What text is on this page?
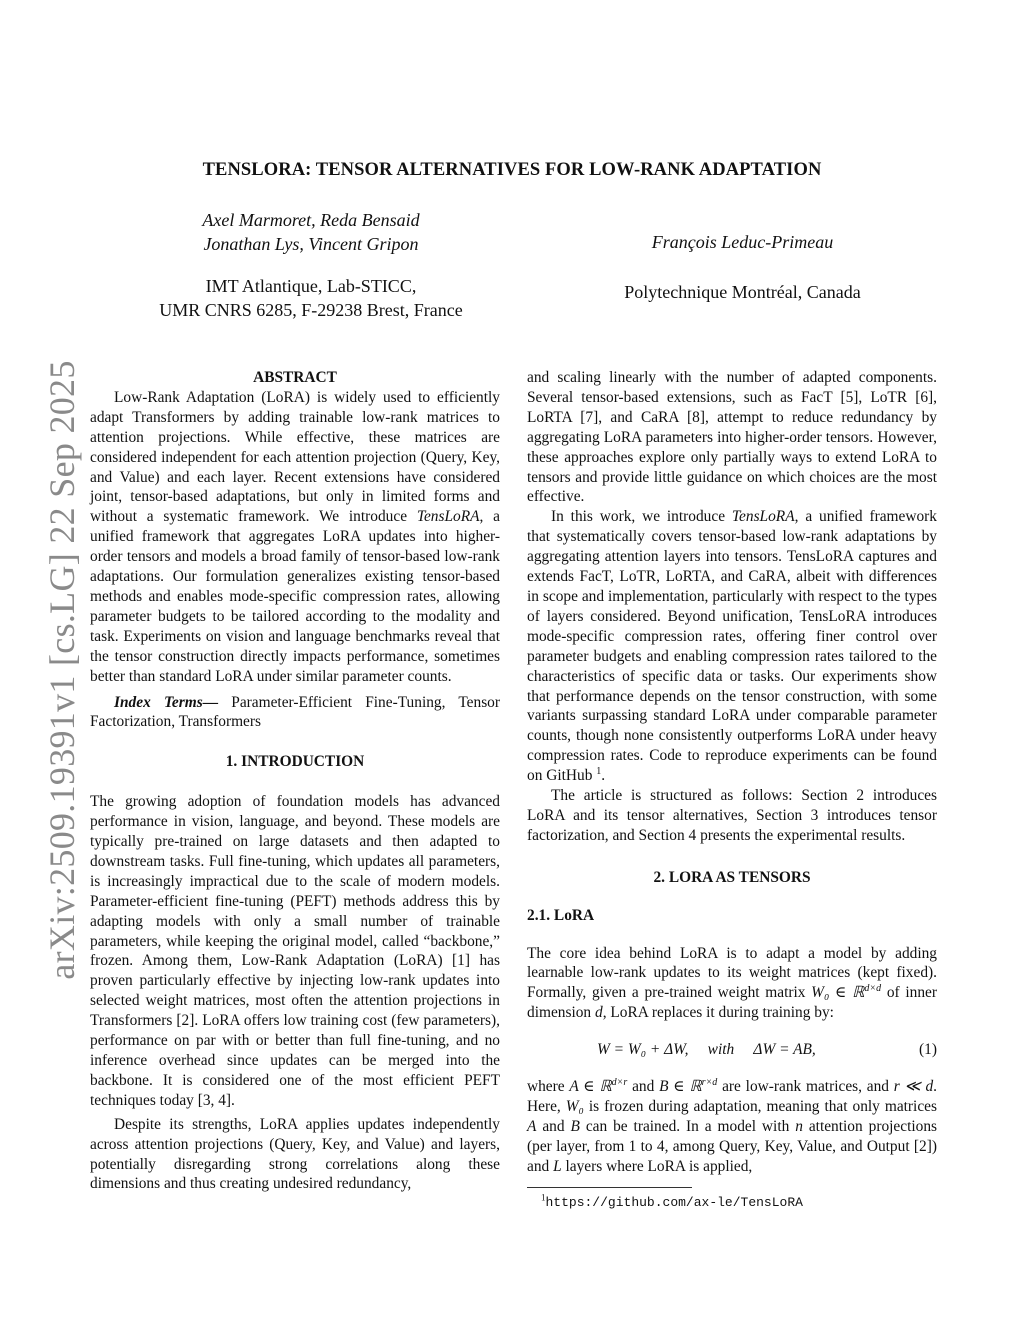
arXiv:2509.19391v1 [cs.LG] 22 Sep 2025
TENSLORA: TENSOR ALTERNATIVES FOR LOW-RANK ADAPTATION
Axel Marmoret, Reda Bensaid
Jonathan Lys, Vincent Gripon
IMT Atlantique, Lab-STICC,
UMR CNRS 6285, F-29238 Brest, France
François Leduc-Primeau
Polytechnique Montréal, Canada
ABSTRACT

Low-Rank Adaptation (LoRA) is widely used to efficiently adapt Transformers by adding trainable low-rank matrices to attention projections. While effective, these matrices are considered independent for each attention projection (Query, Key, and Value) and each layer. Recent extensions have considered joint, tensor-based adaptations, but only in limited forms and without a systematic framework. We introduce TensLoRA, a unified framework that aggregates LoRA updates into higher-order tensors and models a broad family of tensor-based low-rank adaptations. Our formulation generalizes existing tensor-based methods and enables mode-specific compression rates, allowing parameter budgets to be tailored according to the modality and task. Experiments on vision and language benchmarks reveal that the tensor construction directly impacts performance, sometimes better than standard LoRA under similar parameter counts.

Index Terms— Parameter-Efficient Fine-Tuning, Tensor Factorization, Transformers

1. INTRODUCTION

The growing adoption of foundation models has advanced performance in vision, language, and beyond. These models are typically pre-trained on large datasets and then adapted to downstream tasks. Full fine-tuning, which updates all parameters, is increasingly impractical due to the scale of modern models. Parameter-efficient fine-tuning (PEFT) methods address this by adapting models with only a small number of trainable parameters, while keeping the original model, called “backbone,” frozen. Among them, Low-Rank Adaptation (LoRA) [1] has proven particularly effective by injecting low-rank updates into selected weight matrices, most often the attention projections in Transformers [2]. LoRA offers low training cost (few parameters), performance on par with or better than full fine-tuning, and no inference overhead since updates can be merged into the backbone. It is considered one of the most efficient PEFT techniques today [3, 4].

Despite its strengths, LoRA applies updates independently across attention projections (Query, Key, and Value) and layers, potentially disregarding strong correlations along these dimensions and thus creating undesired redundancy,

and scaling linearly with the number of adapted components. Several tensor-based extensions, such as FacT [5], LoTR [6], LoRTA [7], and CaRA [8], attempt to reduce redundancy by aggregating LoRA parameters into higher-order tensors. However, these approaches explore only partially ways to extend LoRA to tensors and provide little guidance on which choices are the most effective.

In this work, we introduce TensLoRA, a unified framework that systematically covers tensor-based low-rank adaptations by aggregating attention layers into tensors. TensLoRA captures and extends FacT, LoTR, LoRTA, and CaRA, albeit with differences in scope and implementation, particularly with respect to the types of layers considered. Beyond unification, TensLoRA introduces mode-specific compression rates, offering finer control over parameter budgets and enabling compression rates tailored to the characteristics of specific data or tasks. Our experiments show that performance depends on the tensor construction, with some variants surpassing standard LoRA under comparable parameter counts, though none consistently outperforms LoRA under heavy compression rates. Code to reproduce experiments can be found on GitHub $^1$.

The article is structured as follows: Section 2 introduces LoRA and its tensor alternatives, Section 3 introduces tensor factorization, and Section 4 presents the experimental results.

2. LORA AS TENSORS
2.1. LoRA

The core idea behind LoRA is to adapt a model by adding learnable low-rank updates to its weight matrices (kept fixed). Formally, given a pre-trained weight matrix W₀ ∈ ℝ$^{d\times d}$ of inner dimension d, LoRA replaces it during training by:

W = W₀ + ΔW,     with     ΔW = AB,	(1)

where A ∈ ℝ$^{d\times r}$ and B ∈ ℝ$^{r\times d}$ are low-rank matrices, and r ≪ d. Here, W₀ is frozen during adaptation, meaning that only matrices A and B can be trained. In a model with n attention projections (per layer, from 1 to 4, among Query, Key, Value, and Output [2]) and L layers where LoRA is applied,

$^1$https://github.com/ax-le/TensLoRA
